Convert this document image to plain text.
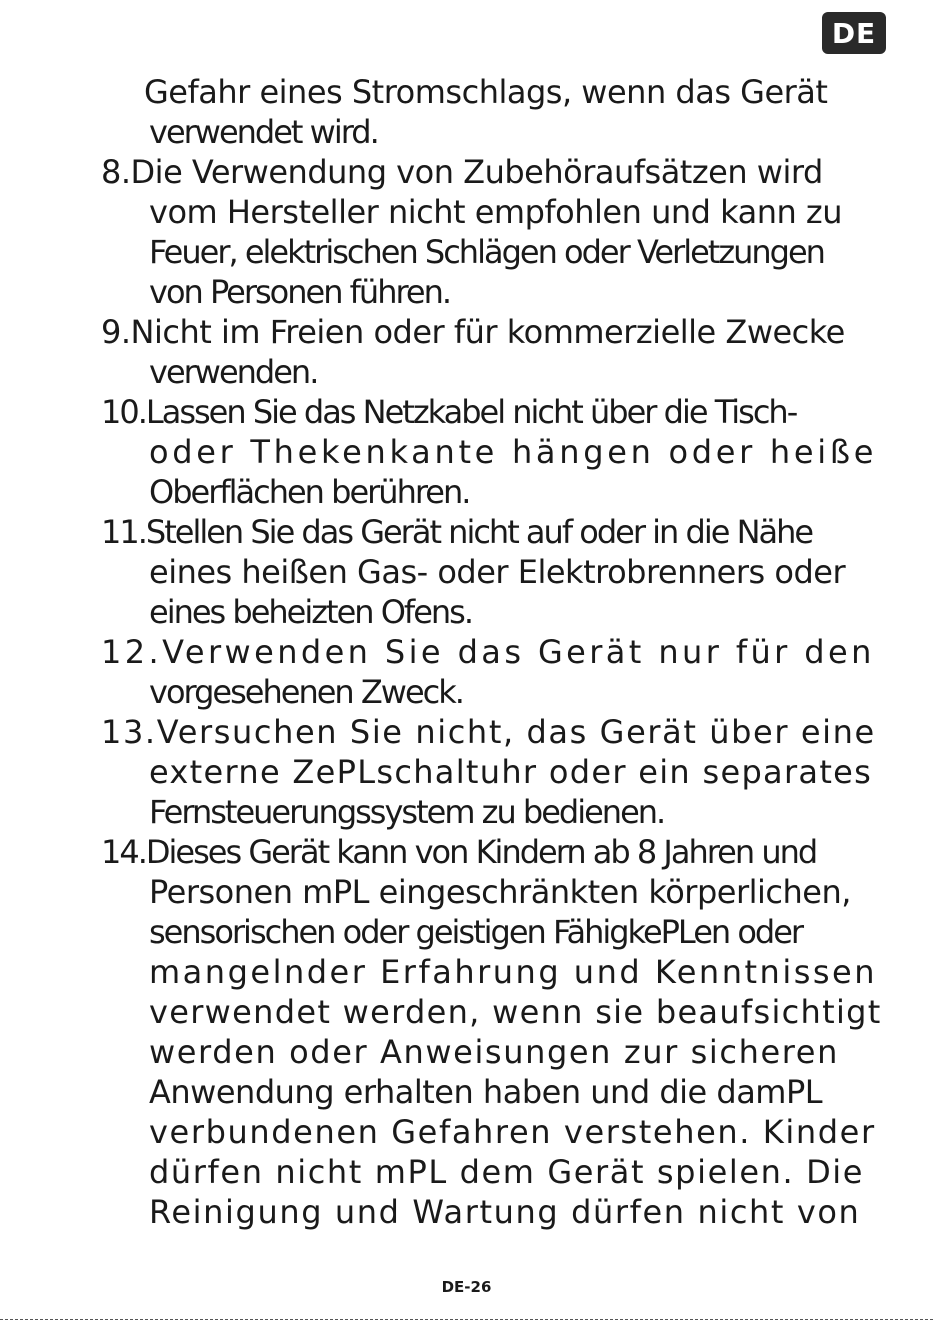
DE
Gefahr eines Stromschlags, wenn das Gerät
verwendet wird.
8.Die Verwendung von Zubehöraufsätzen wird
vom Hersteller nicht empfohlen und kann zu
Feuer, elektrischen Schlägen oder Verletzungen
von Personen führen.
9.Nicht im Freien oder für kommerzielle Zwecke
verwenden.
10.Lassen Sie das Netzkabel nicht über die Tisch-
oder Thekenkante hängen oder heiße
Oberflächen berühren.
11.Stellen Sie das Gerät nicht auf oder in die Nähe
eines heißen Gas- oder Elektrobrenners oder
eines beheizten Ofens.
12.Verwenden Sie das Gerät nur für den
vorgesehenen Zweck.
13.Versuchen Sie nicht, das Gerät über eine
externe ZePLschaltuhr oder ein separates
Fernsteuerungssystem zu bedienen.
14.Dieses Gerät kann von Kindern ab 8 Jahren und
Personen mPL eingeschränkten körperlichen,
sensorischen oder geistigen FähigkePLen oder
mangelnder Erfahrung und Kenntnissen
verwendet werden, wenn sie beaufsichtigt
werden oder Anweisungen zur sicheren
Anwendung erhalten haben und die damPL
verbundenen Gefahren verstehen. Kinder
dürfen nicht mPL dem Gerät spielen. Die
Reinigung und Wartung dürfen nicht von
DE-26
